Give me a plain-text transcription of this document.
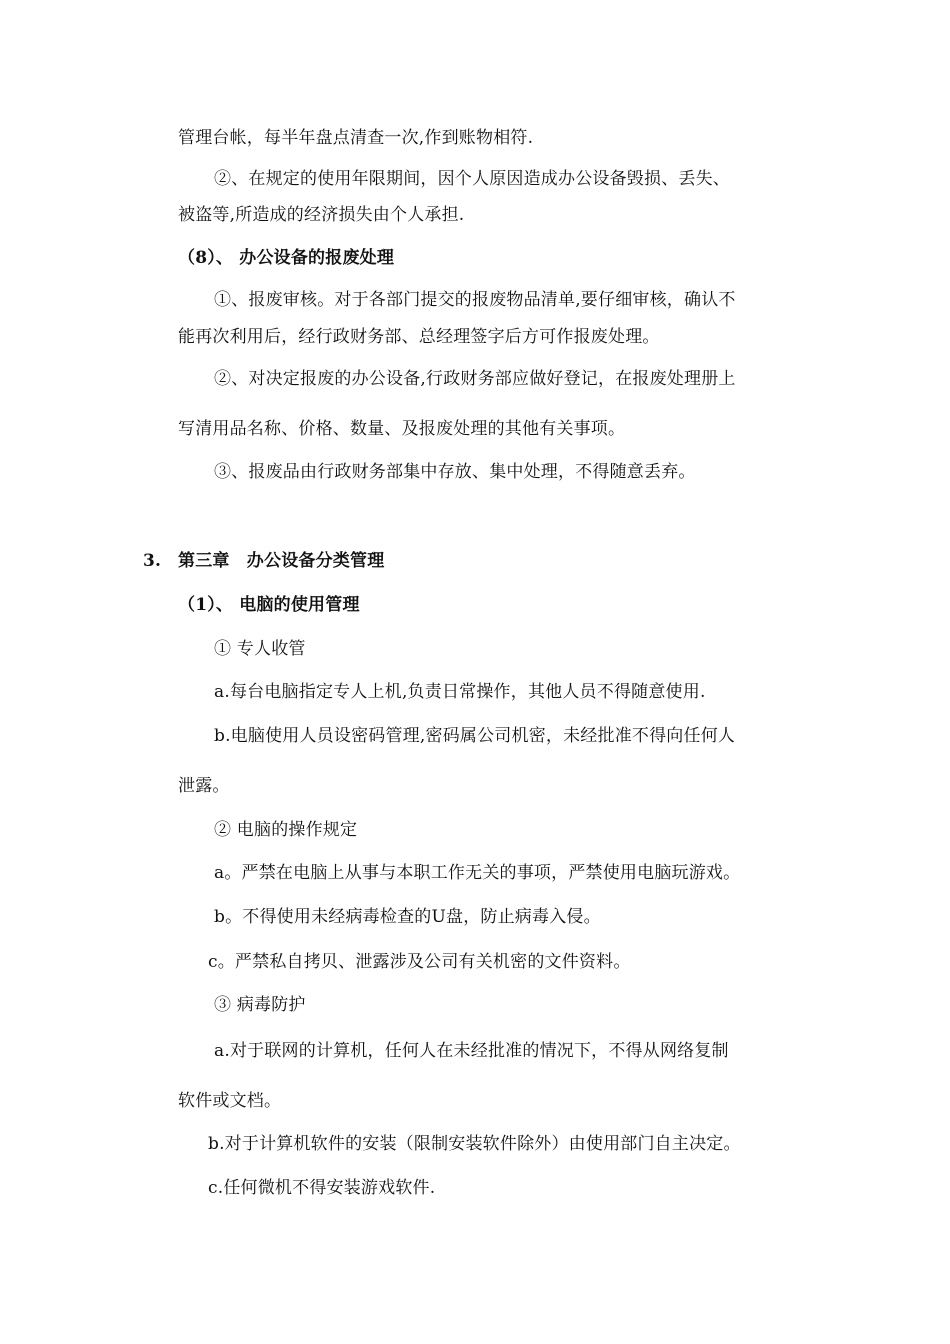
管理台帐，每半年盘点清查一次,作到账物相符.
②、在规定的使用年限期间，因个人原因造成办公设备毁损、丢失、
被盗等,所造成的经济损失由个人承担.
（8）、 办公设备的报废处理
①、报废审核。对于各部门提交的报废物品清单,要仔细审核，确认不
能再次利用后，经行政财务部、总经理签字后方可作报废处理。
②、对决定报废的办公设备,行政财务部应做好登记，在报废处理册上
写清用品名称、价格、数量、及报废处理的其他有关事项。
③、报废品由行政财务部集中存放、集中处理，不得随意丢弃。
3. 第三章　办公设备分类管理
（1）、 电脑的使用管理
① 专人收管
a.每台电脑指定专人上机,负责日常操作，其他人员不得随意使用.
b.电脑使用人员设密码管理,密码属公司机密，未经批准不得向任何人
泄露。
② 电脑的操作规定
a。严禁在电脑上从事与本职工作无关的事项，严禁使用电脑玩游戏。
b。不得使用未经病毒检查的U盘，防止病毒入侵。
c。严禁私自拷贝、泄露涉及公司有关机密的文件资料。
③ 病毒防护
a.对于联网的计算机，任何人在未经批准的情况下，不得从网络复制
软件或文档。
b.对于计算机软件的安装（限制安装软件除外）由使用部门自主决定。
c.任何微机不得安装游戏软件.
